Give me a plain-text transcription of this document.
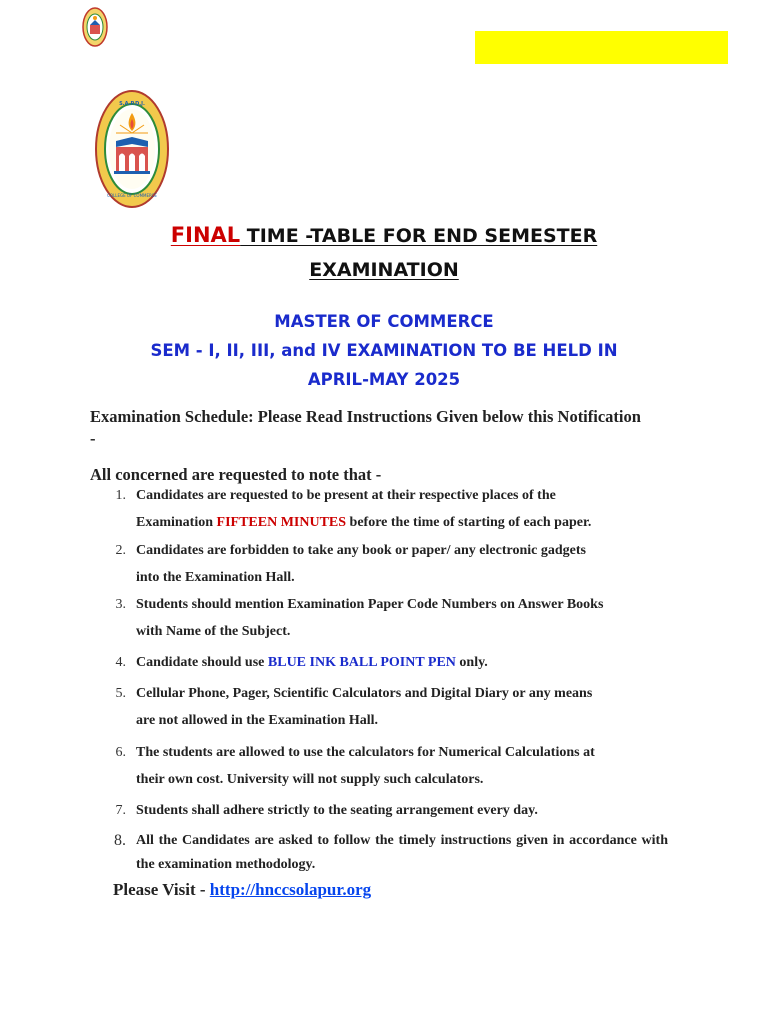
S.A.P.D.J.
COLLEGE OF COMMERCE
FINAL TIME -TABLE FOR END SEMESTER
EXAMINATION
MASTER OF COMMERCE
SEM - I, II, III, and IV EXAMINATION TO BE HELD IN
APRIL-MAY 2025
Examination Schedule: Please Read Instructions Given below this Notification -
All concerned are requested to note that -
1. Candidates are requested to be present at their respective places of the
Examination FIFTEEN MINUTES before the time of starting of each paper.
2. Candidates are forbidden to take any book or paper/ any electronic gadgets
into the Examination Hall.
3. Students should mention Examination Paper Code Numbers on Answer Books
with Name of the Subject.
4. Candidate should use BLUE INK BALL POINT PEN only.
5. Cellular Phone, Pager, Scientific Calculators and Digital Diary or any means
are not allowed in the Examination Hall.
6. The students are allowed to use the calculators for Numerical Calculations at
their own cost. University will not supply such calculators.
7. Students shall adhere strictly to the seating arrangement every day.
8. All the Candidates are asked to follow the timely instructions given in accordance with the examination methodology.
Please Visit - http://hnccsolapur.org
